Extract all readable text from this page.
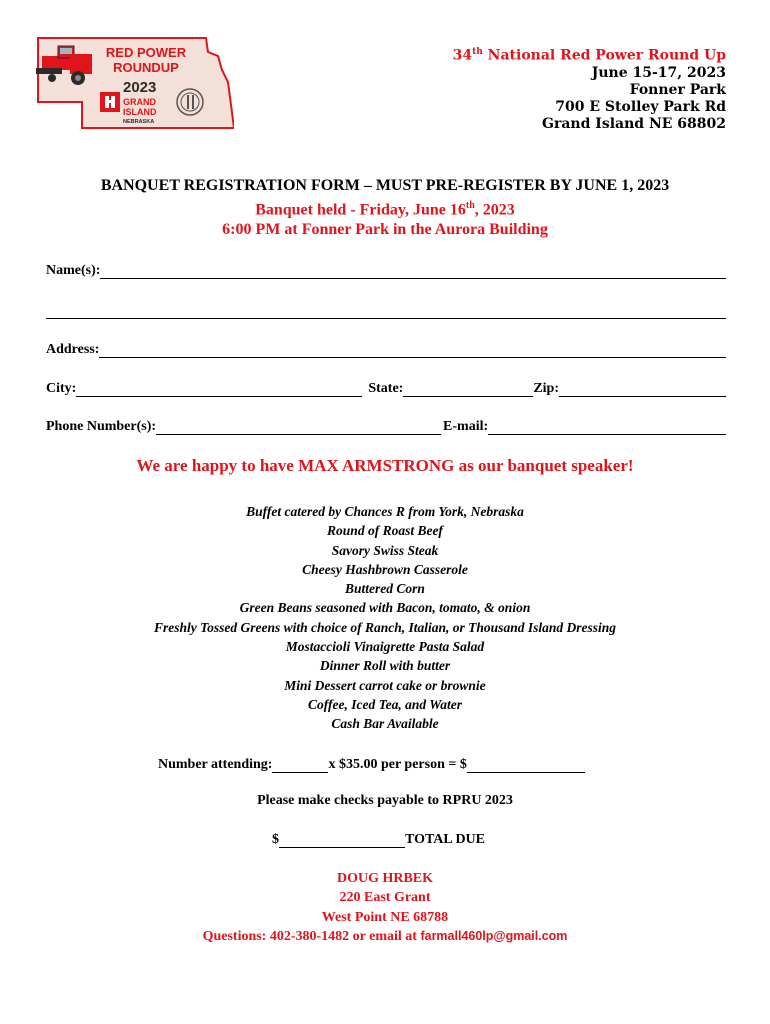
RED POWER
ROUNDUP
2023
GRAND
ISLAND
NEBRASKA
34th National Red Power Round Up
June 15-17, 2023
Fonner Park
700 E Stolley Park Rd
Grand Island NE 68802
BANQUET REGISTRATION FORM – MUST PRE-REGISTER BY JUNE 1, 2023
Banquet held - Friday, June 16th, 2023
6:00 PM at Fonner Park in the Aurora Building
Name(s):
Address:
City:	State:	Zip:
Phone Number(s):	E-mail:
We are happy to have MAX ARMSTRONG as our banquet speaker!
Buffet catered by Chances R from York, Nebraska
Round of Roast Beef
Savory Swiss Steak
Cheesy Hashbrown Casserole
Buttered Corn
Green Beans seasoned with Bacon, tomato, & onion
Freshly Tossed Greens with choice of Ranch, Italian, or Thousand Island Dressing
Mostaccioli Vinaigrette Pasta Salad
Dinner Roll with butter
Mini Dessert carrot cake or brownie
Coffee, Iced Tea, and Water
Cash Bar Available
Number attending:	x $35.00 per person = $
Please make checks payable to RPRU 2023
$	TOTAL DUE
DOUG HRBEK
220 East Grant
West Point NE 68788
Questions: 402-380-1482 or email at farmall460lp@gmail.com
